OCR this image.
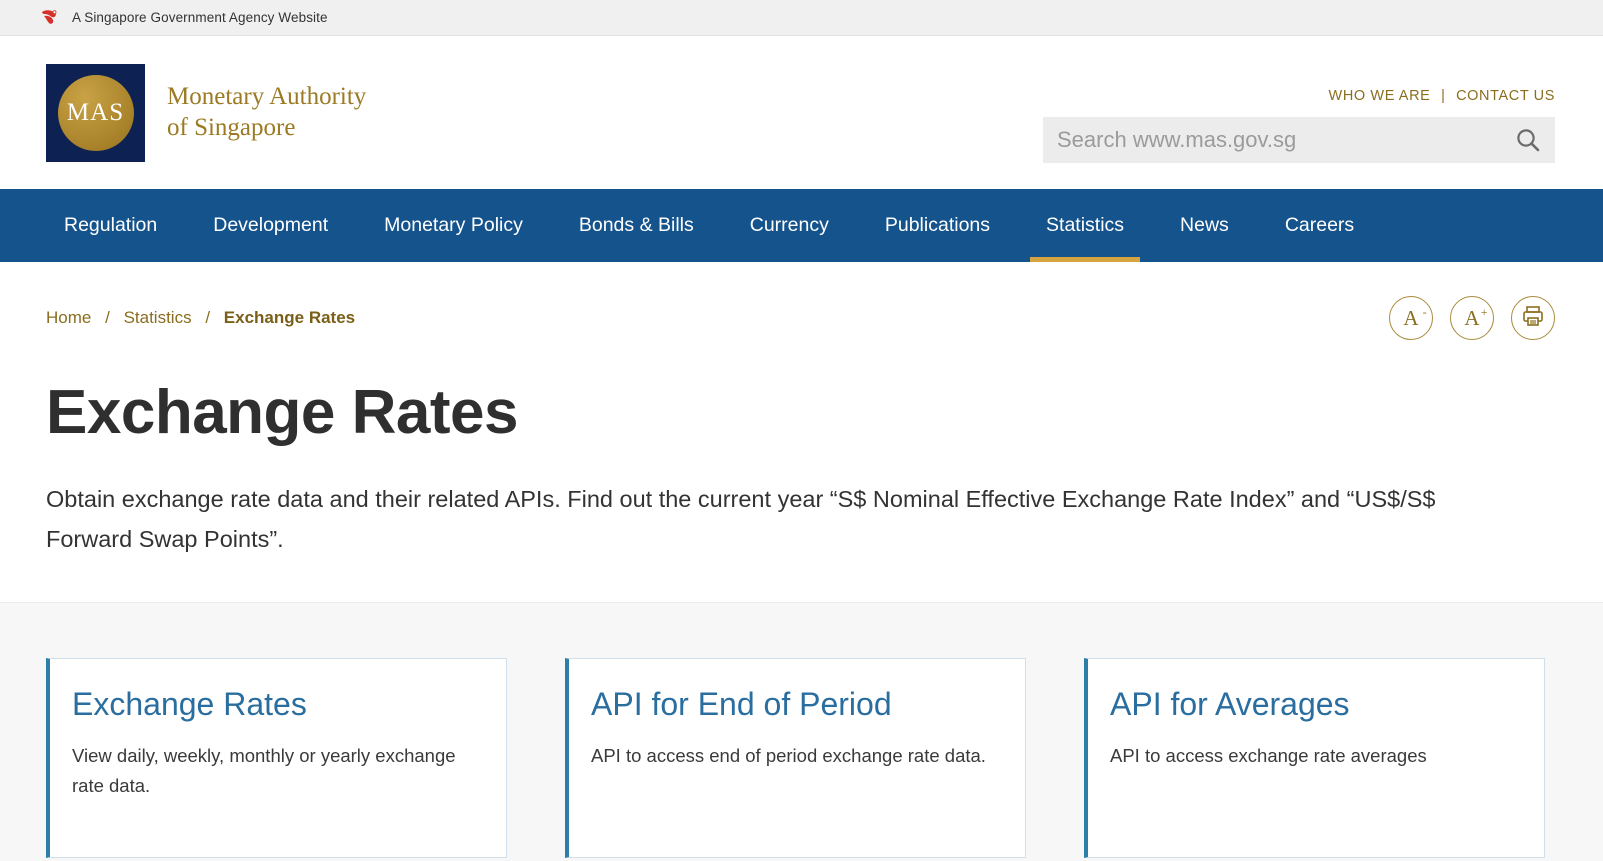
A Singapore Government Agency Website
MAS
Monetary Authority
of Singapore
WHO WE ARE | CONTACT US
Search www.mas.gov.sg
Regulation	Development	Monetary Policy	Bonds & Bills	Currency	Publications	Statistics	News	Careers
Home / Statistics / Exchange Rates	A - A +
Exchange Rates

Obtain exchange rate data and their related APIs. Find out the current year “S$ Nominal Effective Exchange Rate Index” and “US$/S$ Forward Swap Points”.

Exchange Rates
View daily, weekly, monthly or yearly exchange rate data.
API for End of Period
API to access end of period exchange rate data.
API for Averages
API to access exchange rate averages
